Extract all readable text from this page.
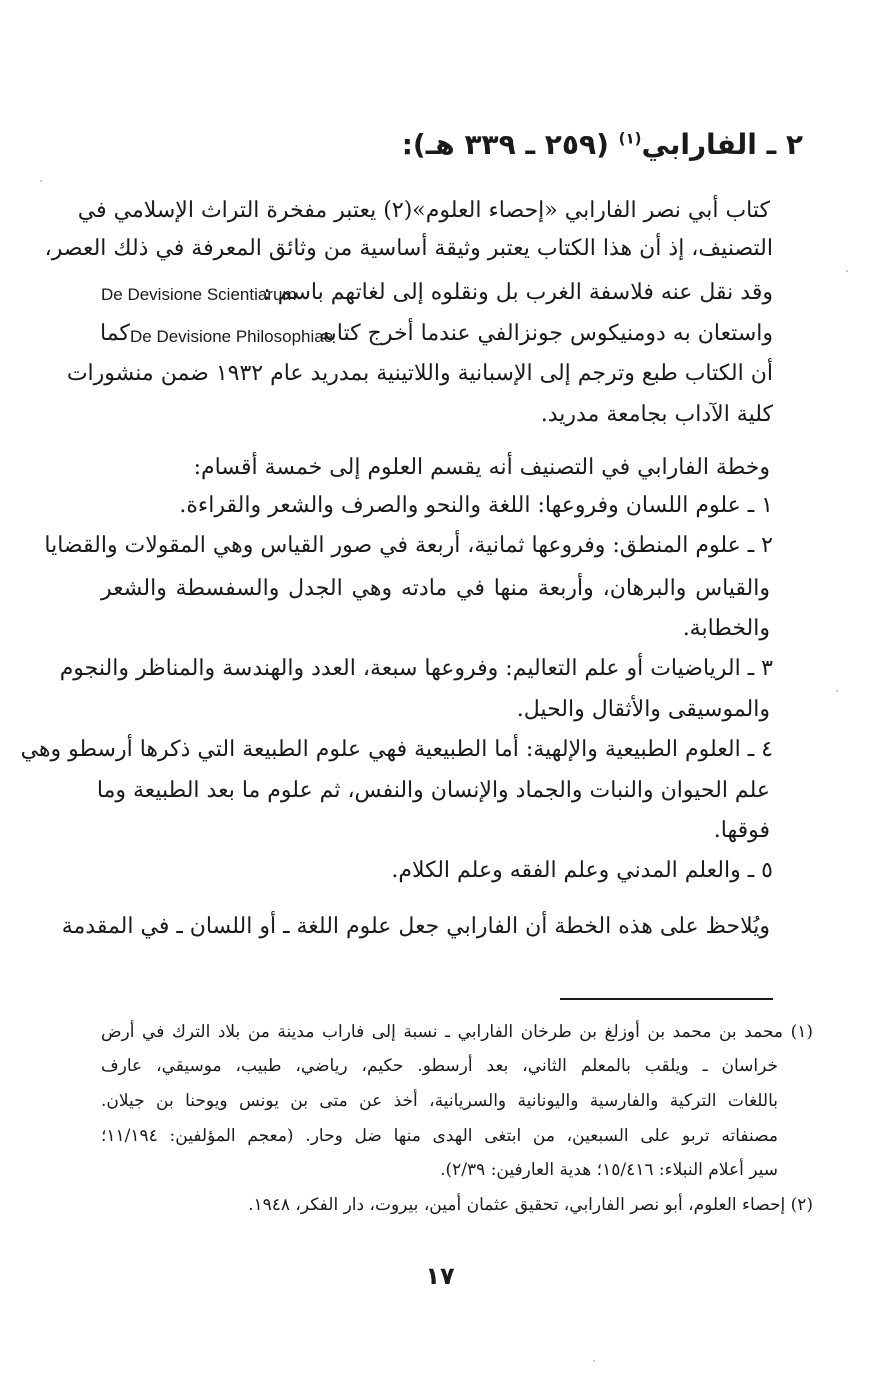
٢ ـ الفارابي$^{(١)}$ (٢٥٩ ـ ٣٣٩ هـ):
كتاب أبي نصر الفارابي «إحصاء العلوم»(٢) يعتبر مفخرة التراث الإسلامي في
التصنيف، إذ أن هذا الكتاب يعتبر وثيقة أساسية من وثائق المعرفة في ذلك العصر،
وقد نقل عنه فلاسفة الغرب بل ونقلوه إلى لغاتهم باسم :
De Devisione Scientiarum
واستعان به دومنيكوس جونزالفي عندما أخرج كتابه
De Devisione Philosophiae
كما
أن الكتاب طبع وترجم إلى الإسبانية واللاتينية بمدريد عام ١٩٣٢ ضمن منشورات
كلية الآداب بجامعة مدريد.
وخطة الفارابي في التصنيف أنه يقسم العلوم إلى خمسة أقسام:
١ ـ علوم اللسان وفروعها: اللغة والنحو والصرف والشعر والقراءة.
٢ ـ علوم المنطق: وفروعها ثمانية، أربعة في صور القياس وهي المقولات والقضايا
والقياس والبرهان، وأربعة منها في مادته وهي الجدل والسفسطة والشعر
والخطابة.
٣ ـ الرياضيات أو علم التعاليم: وفروعها سبعة، العدد والهندسة والمناظر والنجوم
والموسيقى والأثقال والحيل.
٤ ـ العلوم الطبيعية والإلهية: أما الطبيعية فهي علوم الطبيعة التي ذكرها أرسطو وهي
علم الحيوان والنبات والجماد والإنسان والنفس، ثم علوم ما بعد الطبيعة وما
فوقها.
٥ ـ والعلم المدني وعلم الفقه وعلم الكلام.
ويُلاحظ على هذه الخطة أن الفارابي جعل علوم اللغة ـ أو اللسان ـ في المقدمة
(١) محمد بن محمد بن أوزلغ بن طرخان الفارابي ـ نسبة إلى فاراب مدينة من بلاد الترك في أرض
خراسان ـ ويلقب بالمعلم الثاني، بعد أرسطو. حكيم، رياضي، طبيب، موسيقي، عارف
باللغات التركية والفارسية واليونانية والسريانية، أخذ عن متى بن يونس ويوحنا بن جيلان.
مصنفاته تربو على السبعين، من ابتغى الهدى منها ضل وحار. (معجم المؤلفين: ١١/١٩٤؛
سير أعلام النبلاء: ١٥/٤١٦؛ هدية العارفين: ٢/٣٩).
(٢) إحصاء العلوم، أبو نصر الفارابي، تحقيق عثمان أمين، بيروت، دار الفكر، ١٩٤٨.
١٧
